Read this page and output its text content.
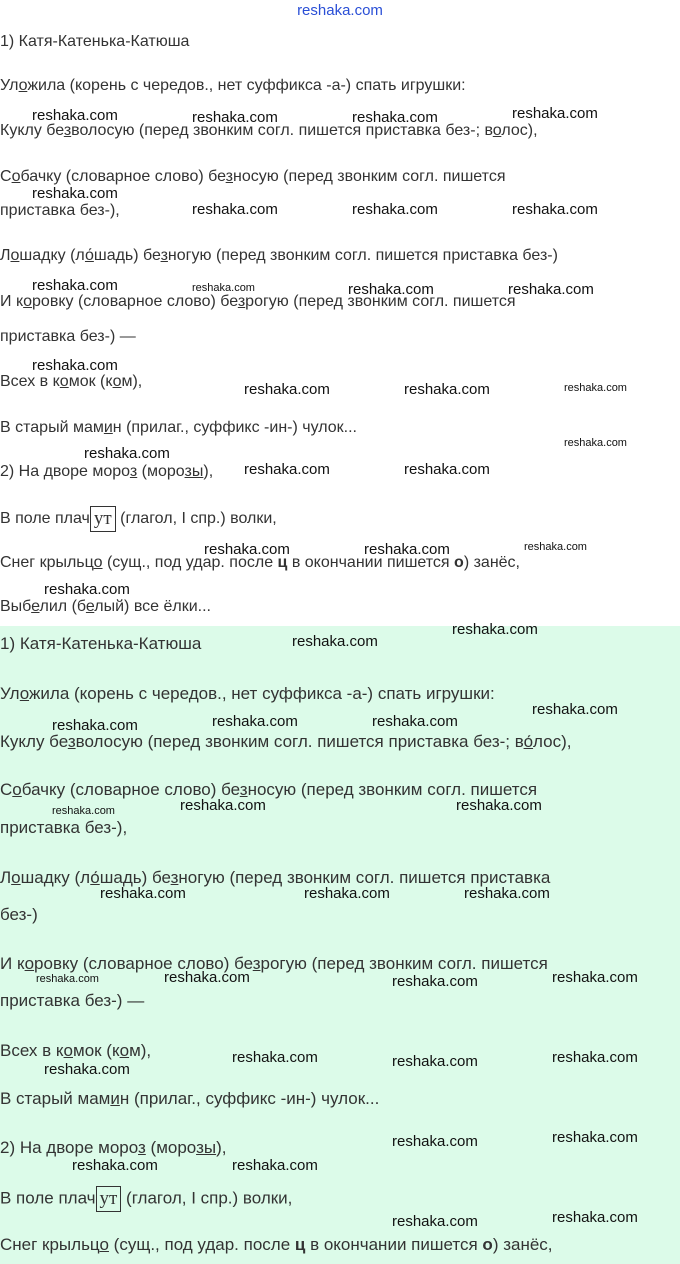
reshaka.com
1) Катя-Катенька-Катюша
Уложила (корень с чередов., нет суффикса -а-) спать игрушки:
Куклу безволосую (перед звонким согл. пишется приставка без-; волос),
Собачку (словарное слово) безносую (перед звонким согл. пишется
приставка без-),
Лошадку (ло́шадь) безногую (перед звонким согл. пишется приставка без-)
И коровку (словарное слово) безрогую (перед звонким согл. пишется
приставка без-) —
Всех в комок (ком),
В старый мамин (прилаг., суффикс -ин-) чулок...
2) На дворе мороз (морозы),
В поле плач ут (глагол, I спр.) волки,
Снег крыльцо (сущ., под удар. после ц в окончании пишется о) занёс,
Выбелил (белый) все ёлки...
1) Катя-Катенька-Катюша
Уложила (корень с чередов., нет суффикса -а-) спать игрушки:
Куклу безволосую (перед звонким согл. пишется приставка без-; во́лос),
Собачку (словарное слово) безносую (перед звонким согл. пишется
приставка без-),
Лошадку (ло́шадь) безногую (перед звонким согл. пишется приставка
без-)
И коровку (словарное слово) безрогую (перед звонким согл. пишется
приставка без-) —
Всех в комок (ком),
В старый мамин (прилаг., суффикс -ин-) чулок...
2) На дворе мороз (морозы),
В поле плач ут (глагол, I спр.) волки,
Снег крыльцо (сущ., под удар. после ц в окончании пишется о) занёс,
reshaka.com	reshaka.com	reshaka.com	reshaka.com
reshaka.com
reshaka.com	reshaka.com	reshaka.com
reshaka.com	reshaka.com	reshaka.com	reshaka.com
reshaka.com
reshaka.com	reshaka.com	reshaka.com
reshaka.com
reshaka.com
reshaka.com	reshaka.com
reshaka.com	reshaka.com	reshaka.com
reshaka.com
reshaka.com
reshaka.com
reshaka.com
reshaka.com	reshaka.com	reshaka.com
reshaka.com	reshaka.com	reshaka.com
reshaka.com	reshaka.com	reshaka.com
reshaka.com	reshaka.com	reshaka.com	reshaka.com
reshaka.com	reshaka.com	reshaka.com
reshaka.com
reshaka.com	reshaka.com
reshaka.com	reshaka.com
reshaka.com	reshaka.com
